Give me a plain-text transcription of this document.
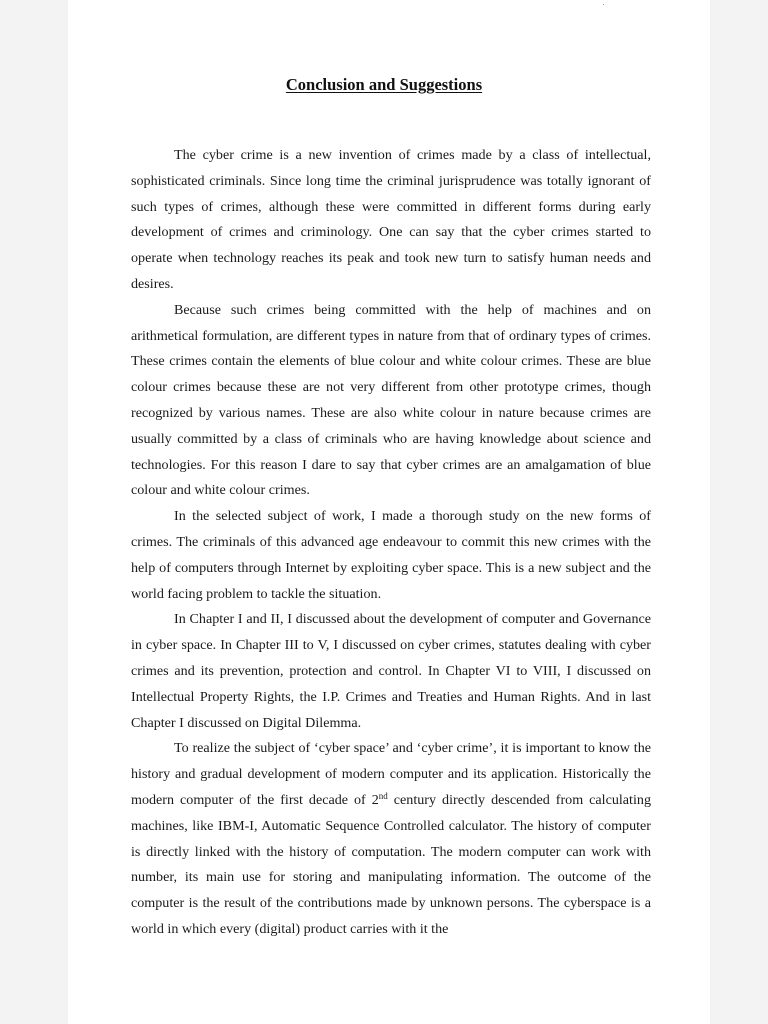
Conclusion and Suggestions

The cyber crime is a new invention of crimes made by a class of intellectual, sophisticated criminals. Since long time the criminal jurisprudence was totally ignorant of such types of crimes, although these were committed in different forms during early development of crimes and criminology. One can say that the cyber crimes started to operate when technology reaches its peak and took new turn to satisfy human needs and desires.

Because such crimes being committed with the help of machines and on arithmetical formulation, are different types in nature from that of ordinary types of crimes. These crimes contain the elements of blue colour and white colour crimes. These are blue colour crimes because these are not very different from other prototype crimes, though recognized by various names. These are also white colour in nature because crimes are usually committed by a class of criminals who are having knowledge about science and technologies. For this reason I dare to say that cyber crimes are an amalgamation of blue colour and white colour crimes.

In the selected subject of work, I made a thorough study on the new forms of crimes. The criminals of this advanced age endeavour to commit this new crimes with the help of computers through Internet by exploiting cyber space. This is a new subject and the world facing problem to tackle the situation.

In Chapter I and II, I discussed about the development of computer and Governance in cyber space. In Chapter III to V, I discussed on cyber crimes, statutes dealing with cyber crimes and its prevention, protection and control. In Chapter VI to VIII, I discussed on Intellectual Property Rights, the I.P. Crimes and Treaties and Human Rights. And in last Chapter I discussed on Digital Dilemma.

To realize the subject of ‘cyber space’ and ‘cyber crime’, it is important to know the history and gradual development of modern computer and its application. Historically the modern computer of the first decade of 2nd century directly descended from calculating machines, like IBM-I, Automatic Sequence Controlled calculator. The history of computer is directly linked with the history of computation. The modern computer can work with number, its main use for storing and manipulating information. The outcome of the computer is the result of the contributions made by unknown persons. The cyberspace is a world in which every (digital) product carries with it the
